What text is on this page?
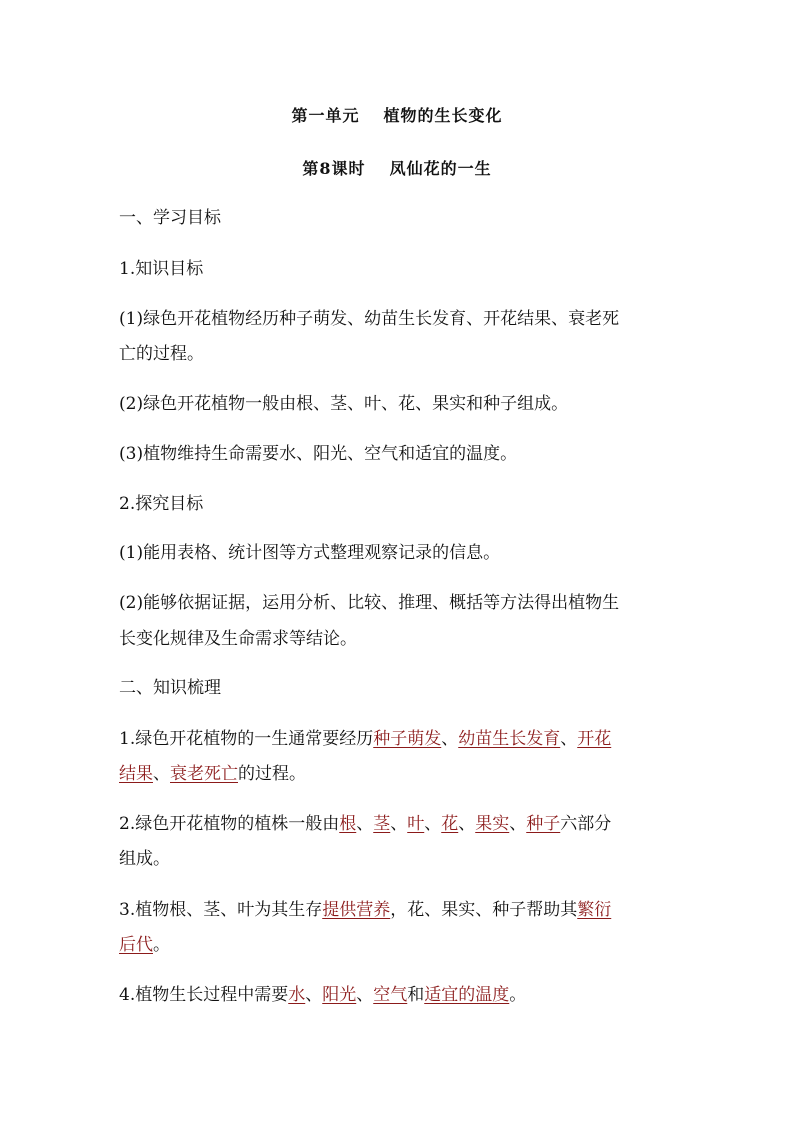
第一单元 植物的生长变化
第8课时 凤仙花的一生
一、学习目标
1.知识目标
(1)绿色开花植物经历种子萌发、幼苗生长发育、开花结果、衰老死
亡的过程。
(2)绿色开花植物一般由根、茎、叶、花、果实和种子组成。
(3)植物维持生命需要水、阳光、空气和适宜的温度。
2.探究目标
(1)能用表格、统计图等方式整理观察记录的信息。
(2)能够依据证据，运用分析、比较、推理、概括等方法得出植物生
长变化规律及生命需求等结论。
二、知识梳理
1.绿色开花植物的一生通常要经历种子萌发、幼苗生长发育、开花
结果、衰老死亡的过程。
2.绿色开花植物的植株一般由根、茎、叶、花、果实、种子六部分
组成。
3.植物根、茎、叶为其生存提供营养，花、果实、种子帮助其繁衍
后代。
4.植物生长过程中需要水、阳光、空气和适宜的温度。
